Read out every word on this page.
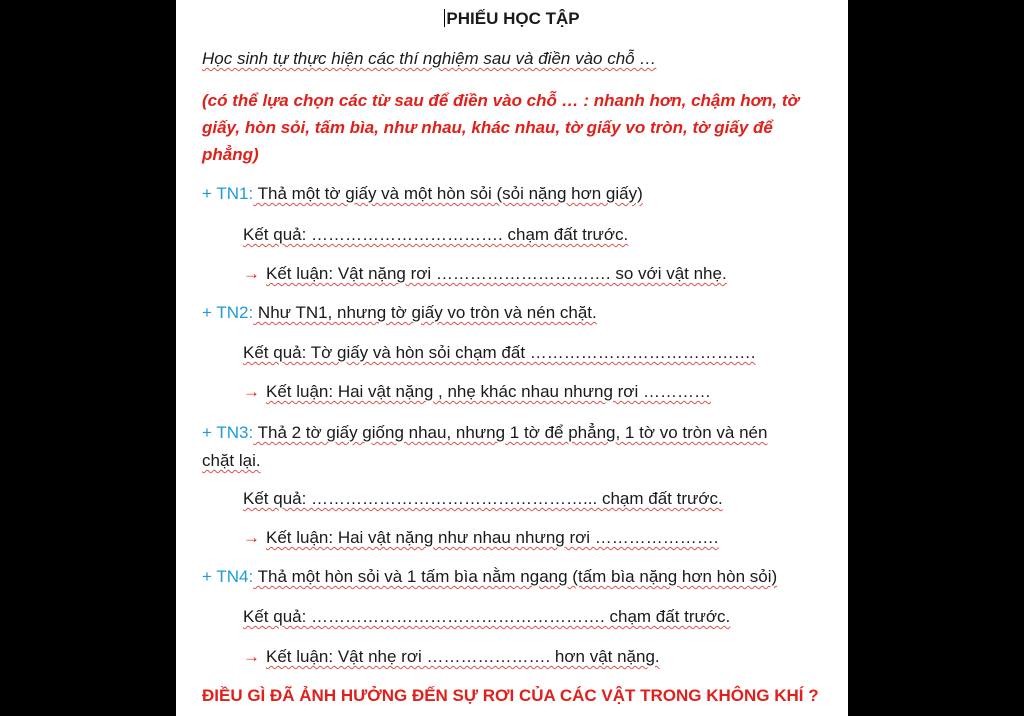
PHIẾU HỌC TẬP
Học sinh tự thực hiện các thí nghiệm sau và điền vào chỗ …
(có thể lựa chọn các từ sau để điền vào chỗ … : nhanh hơn, chậm hơn, tờ giấy, hòn sỏi, tấm bìa, như nhau, khác nhau, tờ giấy vo tròn, tờ giấy để phẳng)
+ TN1: Thả một tờ giấy và một hòn sỏi (sỏi nặng hơn giấy)
Kết quả: ……………………………. chạm đất trước.
→ Kết luận: Vật nặng rơi …………………………. so với vật nhẹ.
+ TN2: Như TN1, nhưng tờ giấy vo tròn và nén chặt.
Kết quả: Tờ giấy và hòn sỏi chạm đất ………………………………….
→ Kết luận: Hai vật nặng , nhẹ khác nhau nhưng rơi …………
+ TN3: Thả 2 tờ giấy giống nhau, nhưng 1 tờ để phẳng, 1 tờ vo tròn và nén
chặt lại.
Kết quả: …………………………………………... chạm đất trước.
→ Kết luận: Hai vật nặng như nhau nhưng rơi ………………….
+ TN4: Thả một hòn sỏi và 1 tấm bìa nằm ngang (tấm bìa nặng hơn hòn sỏi)
Kết quả: ……………………………………………. chạm đất trước.
→ Kết luận: Vật nhẹ rơi …………………. hơn vật nặng.
ĐIỀU GÌ ĐÃ ẢNH HƯỞNG ĐẾN SỰ RƠI CỦA CÁC VẬT TRONG KHÔNG KHÍ ?
